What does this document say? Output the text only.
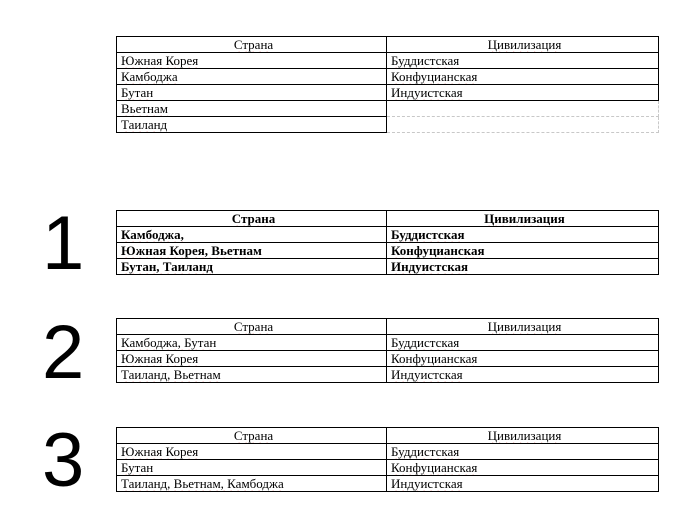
Страна	Цивилизация
Южная Корея	Буддистская
Камбоджа	Конфуцианская
Бутан	Индуистская
Вьетнам	
Таиланд	
1	Страна	Цивилизация
Камбоджа,	Буддистская
Южная Корея, Вьетнам	Конфуцианская
Бутан, Таиланд	Индуистская
2	Страна	Цивилизация
Камбоджа, Бутан	Буддистская
Южная Корея	Конфуцианская
Таиланд, Вьетнам	Индуистская
3	Страна	Цивилизация
Южная Корея	Буддистская
Бутан	Конфуцианская
Таиланд, Вьетнам, Камбоджа	Индуистская
